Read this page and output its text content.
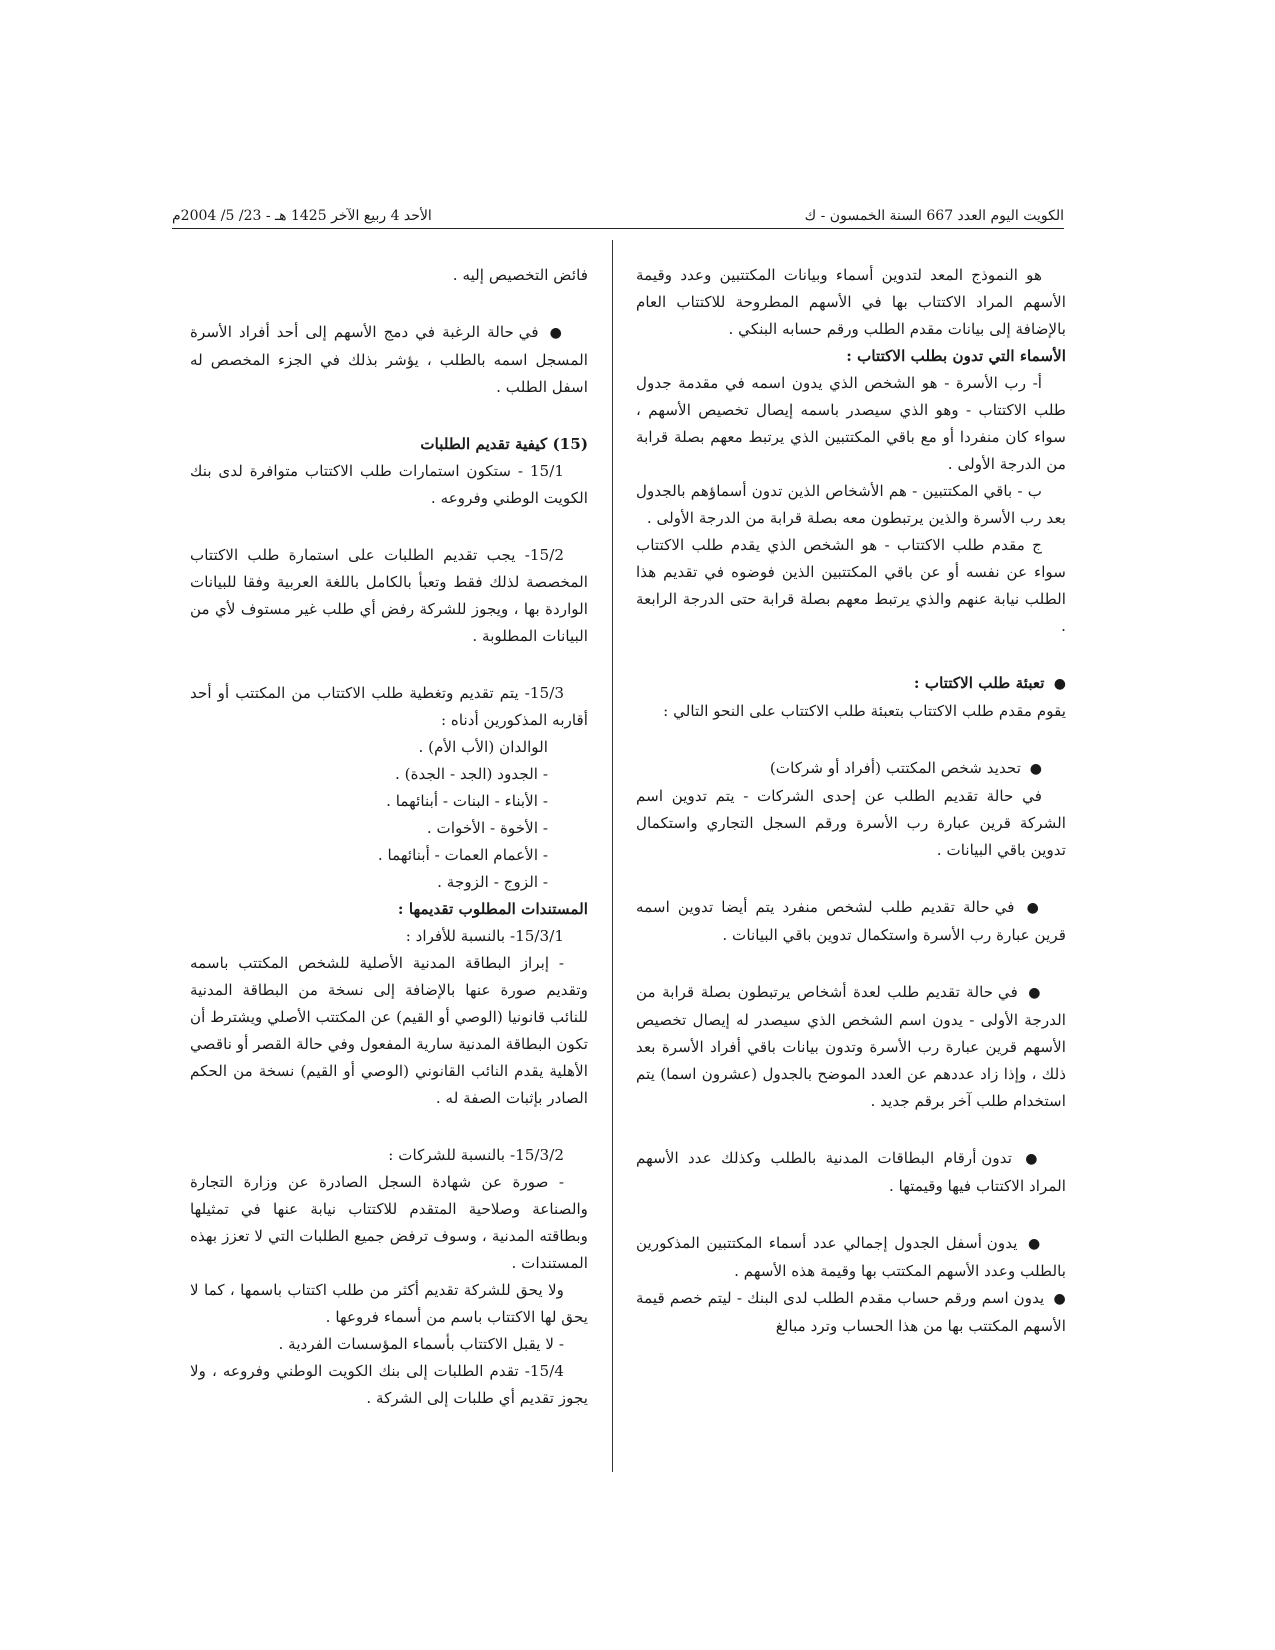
الأحد 4 ربيع الآخر 1425 هـ - 23/ 5/ 2004م	الكويت اليوم العدد 667 السنة الخمسون - ك

هو النموذج المعد لتدوين أسماء وبيانات المكتتبين وعدد وقيمة الأسهم المراد الاكتتاب بها في الأسهم المطروحة للاكتتاب العام بالإضافة إلى بيانات مقدم الطلب ورقم حسابه البنكي .

الأسماء التي تدون بطلب الاكتتاب :

أ- رب الأسرة - هو الشخص الذي يدون اسمه في مقدمة جدول طلب الاكتتاب - وهو الذي سيصدر باسمه إيصال تخصيص الأسهم ، سواء كان منفردا أو مع باقي المكتتبين الذي يرتبط معهم بصلة قرابة من الدرجة الأولى .

ب - باقي المكتتبين - هم الأشخاص الذين تدون أسماؤهم بالجدول بعد رب الأسرة والذين يرتبطون معه بصلة قرابة من الدرجة الأولى .

ج مقدم طلب الاكتتاب - هو الشخص الذي يقدم طلب الاكتتاب سواء عن نفسه أو عن باقي المكتتبين الذين فوضوه في تقديم هذا الطلب نيابة عنهم والذي يرتبط معهم بصلة قرابة حتى الدرجة الرابعة .

● تعبئة طلب الاكتتاب :

يقوم مقدم طلب الاكتتاب بتعبئة طلب الاكتتاب على النحو التالي :

● تحديد شخص المكتتب (أفراد أو شركات)

في حالة تقديم الطلب عن إحدى الشركات - يتم تدوين اسم الشركة قرين عبارة رب الأسرة ورقم السجل التجاري واستكمال تدوين باقي البيانات .

● في حالة تقديم طلب لشخص منفرد يتم أيضا تدوين اسمه قرين عبارة رب الأسرة واستكمال تدوين باقي البيانات .

● في حالة تقديم طلب لعدة أشخاص يرتبطون بصلة قرابة من الدرجة الأولى - يدون اسم الشخص الذي سيصدر له إيصال تخصيص الأسهم قرين عبارة رب الأسرة وتدون بيانات باقي أفراد الأسرة بعد ذلك ، وإذا زاد عددهم عن العدد الموضح بالجدول (عشرون اسما) يتم استخدام طلب آخر برقم جديد .

● تدون أرقام البطاقات المدنية بالطلب وكذلك عدد الأسهم المراد الاكتتاب فيها وقيمتها .

● يدون أسفل الجدول إجمالي عدد أسماء المكتتبين المذكورين بالطلب وعدد الأسهم المكتتب بها وقيمة هذه الأسهم .

● يدون اسم ورقم حساب مقدم الطلب لدى البنك - ليتم خصم قيمة الأسهم المكتتب بها من هذا الحساب وترد مبالغ

فائض التخصيص إليه .

● في حالة الرغبة في دمج الأسهم إلى أحد أفراد الأسرة المسجل اسمه بالطلب ، يؤشر بذلك في الجزء المخصص له اسفل الطلب .

(15) كيفية تقديم الطلبات

15/1 - ستكون استمارات طلب الاكتتاب متوافرة لدى بنك الكويت الوطني وفروعه .

15/2- يجب تقديم الطلبات على استمارة طلب الاكتتاب المخصصة لذلك فقط وتعبأ بالكامل باللغة العربية وفقا للبيانات الواردة بها ، ويجوز للشركة رفض أي طلب غير مستوف لأي من البيانات المطلوبة .

15/3- يتم تقديم وتغطية طلب الاكتتاب من المكتتب أو أحد أقاربه المذكورين أدناه :

الوالدان (الأب الأم) .

- الجدود (الجد - الجدة) .

- الأبناء - البنات - أبنائهما .

- الأخوة - الأخوات .

- الأعمام العمات - أبنائهما .

- الزوج - الزوجة .

المستندات المطلوب تقديمها :

15/3/1- بالنسبة للأفراد :

- إبراز البطاقة المدنية الأصلية للشخص المكتتب باسمه وتقديم صورة عنها بالإضافة إلى نسخة من البطاقة المدنية للنائب قانونيا (الوصي أو القيم) عن المكتتب الأصلي ويشترط أن تكون البطاقة المدنية سارية المفعول وفي حالة القصر أو ناقصي الأهلية يقدم النائب القانوني (الوصي أو القيم) نسخة من الحكم الصادر بإثبات الصفة له .

15/3/2- بالنسبة للشركات :

- صورة عن شهادة السجل الصادرة عن وزارة التجارة والصناعة وصلاحية المتقدم للاكتتاب نيابة عنها في تمثيلها وبطاقته المدنية ، وسوف ترفض جميع الطلبات التي لا تعزز بهذه المستندات .

ولا يحق للشركة تقديم أكثر من طلب اكتتاب باسمها ، كما لا يحق لها الاكتتاب باسم من أسماء فروعها .

- لا يقبل الاكتتاب بأسماء المؤسسات الفردية .

15/4- تقدم الطلبات إلى بنك الكويت الوطني وفروعه ، ولا يجوز تقديم أي طلبات إلى الشركة .
